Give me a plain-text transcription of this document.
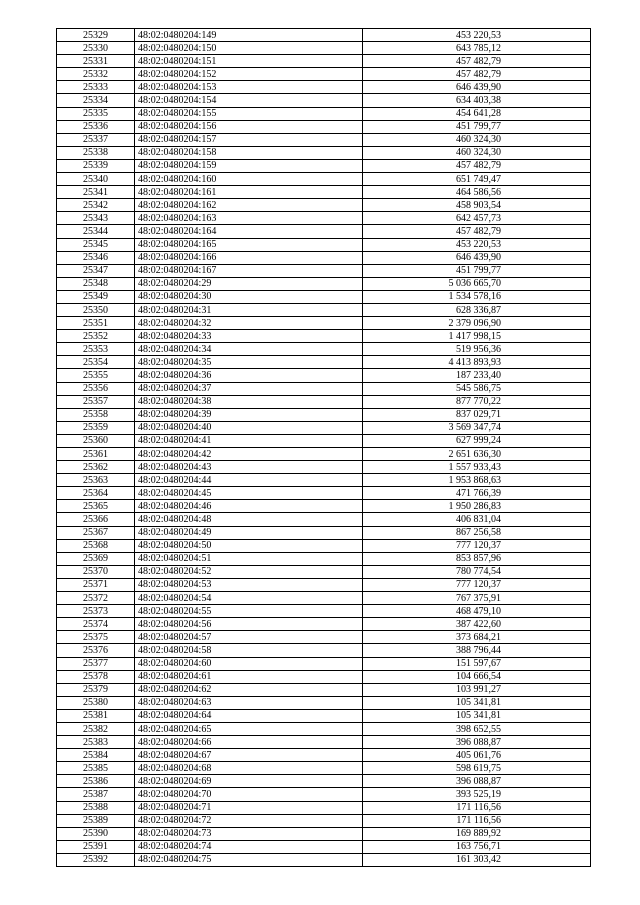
25329	48:02:0480204:149	453 220,53
25330	48:02:0480204:150	643 785,12
25331	48:02:0480204:151	457 482,79
25332	48:02:0480204:152	457 482,79
25333	48:02:0480204:153	646 439,90
25334	48:02:0480204:154	634 403,38
25335	48:02:0480204:155	454 641,28
25336	48:02:0480204:156	451 799,77
25337	48:02:0480204:157	460 324,30
25338	48:02:0480204:158	460 324,30
25339	48:02:0480204:159	457 482,79
25340	48:02:0480204:160	651 749,47
25341	48:02:0480204:161	464 586,56
25342	48:02:0480204:162	458 903,54
25343	48:02:0480204:163	642 457,73
25344	48:02:0480204:164	457 482,79
25345	48:02:0480204:165	453 220,53
25346	48:02:0480204:166	646 439,90
25347	48:02:0480204:167	451 799,77
25348	48:02:0480204:29	5 036 665,70
25349	48:02:0480204:30	1 534 578,16
25350	48:02:0480204:31	628 336,87
25351	48:02:0480204:32	2 379 096,90
25352	48:02:0480204:33	1 417 998,15
25353	48:02:0480204:34	519 956,36
25354	48:02:0480204:35	4 413 893,93
25355	48:02:0480204:36	187 233,40
25356	48:02:0480204:37	545 586,75
25357	48:02:0480204:38	877 770,22
25358	48:02:0480204:39	837 029,71
25359	48:02:0480204:40	3 569 347,74
25360	48:02:0480204:41	627 999,24
25361	48:02:0480204:42	2 651 636,30
25362	48:02:0480204:43	1 557 933,43
25363	48:02:0480204:44	1 953 868,63
25364	48:02:0480204:45	471 766,39
25365	48:02:0480204:46	1 950 286,83
25366	48:02:0480204:48	406 831,04
25367	48:02:0480204:49	867 256,58
25368	48:02:0480204:50	777 120,37
25369	48:02:0480204:51	853 857,96
25370	48:02:0480204:52	780 774,54
25371	48:02:0480204:53	777 120,37
25372	48:02:0480204:54	767 375,91
25373	48:02:0480204:55	468 479,10
25374	48:02:0480204:56	387 422,60
25375	48:02:0480204:57	373 684,21
25376	48:02:0480204:58	388 796,44
25377	48:02:0480204:60	151 597,67
25378	48:02:0480204:61	104 666,54
25379	48:02:0480204:62	103 991,27
25380	48:02:0480204:63	105 341,81
25381	48:02:0480204:64	105 341,81
25382	48:02:0480204:65	398 652,55
25383	48:02:0480204:66	396 088,87
25384	48:02:0480204:67	405 061,76
25385	48:02:0480204:68	598 619,75
25386	48:02:0480204:69	396 088,87
25387	48:02:0480204:70	393 525,19
25388	48:02:0480204:71	171 116,56
25389	48:02:0480204:72	171 116,56
25390	48:02:0480204:73	169 889,92
25391	48:02:0480204:74	163 756,71
25392	48:02:0480204:75	161 303,42
